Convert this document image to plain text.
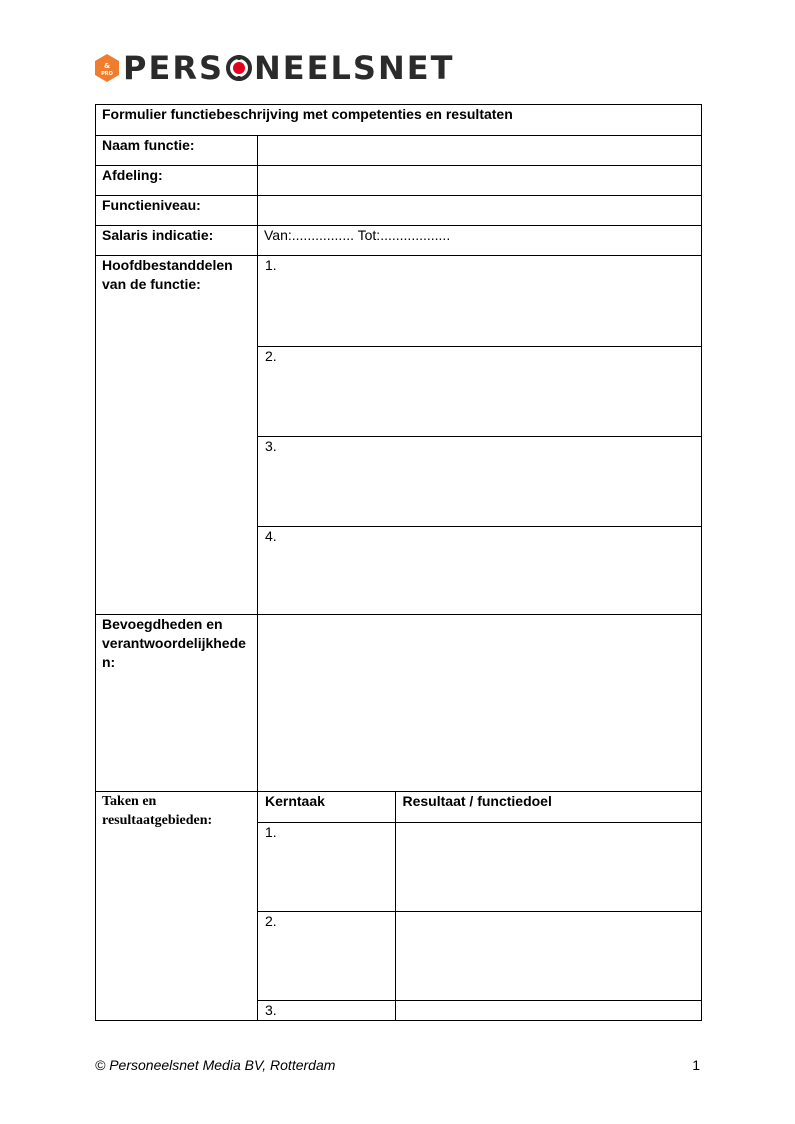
&
PRO PERS NEELSNET
Formulier functiebeschrijving met competenties en resultaten
Naam functie:	
Afdeling:	
Functieniveau:	
Salaris indicatie:	Van:................ Tot:..................
Hoofdbestanddelen van de functie:	
1.
2.
3.
4.

Bevoegdheden en verantwoordelijkheden:	
Taken en resultaatgebieden:	
Kerntaak	Resultaat / functiedoel
1.	
2.	
3.	
© Personeelsnet Media BV, Rotterdam	1
